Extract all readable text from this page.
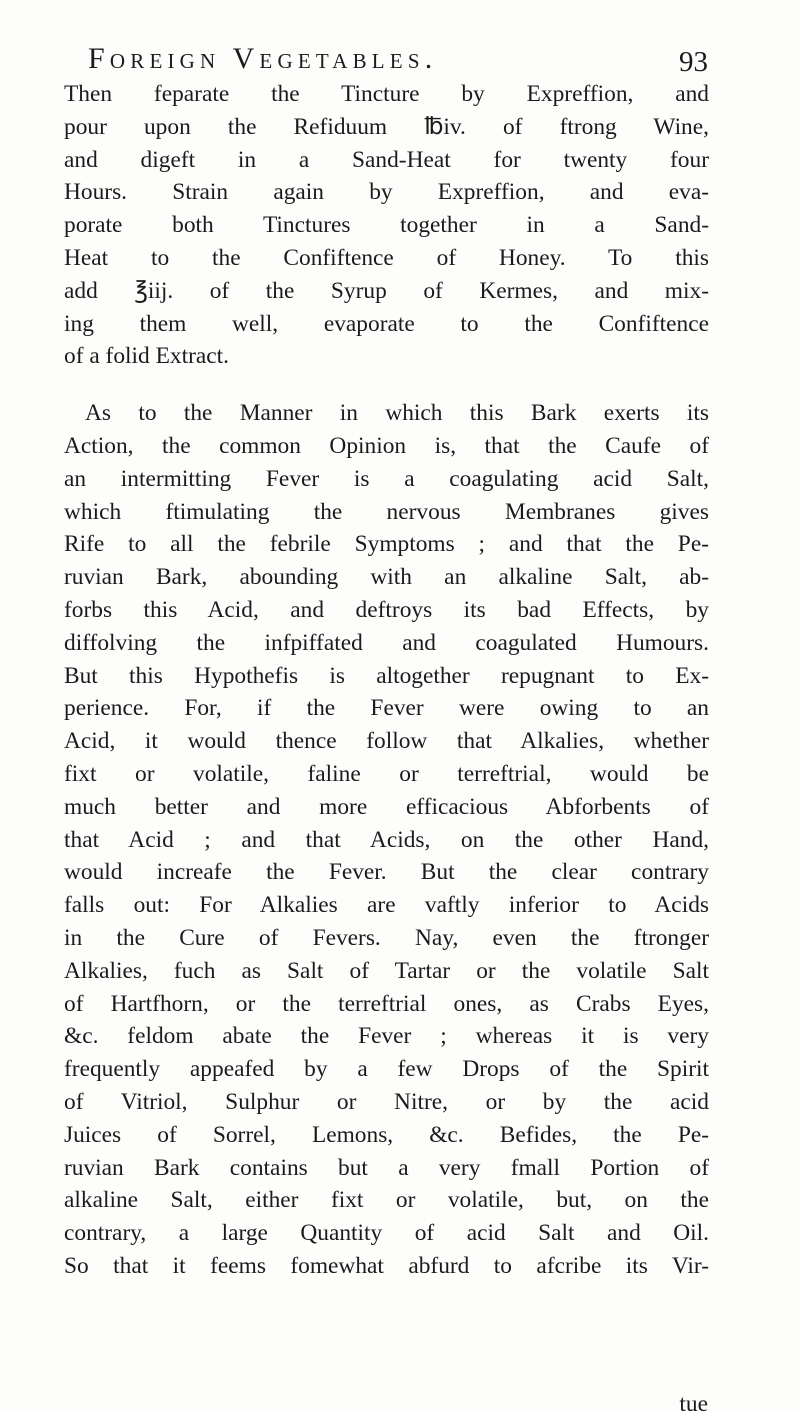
Foreign Vegetables.	93
Then feparate the Tincture by Expreffion, and
pour upon the Refiduum ℔iv. of ftrong Wine,
and digeft in a Sand-Heat for twenty four
Hours. Strain again by Expreffion, and eva-
porate both Tinctures together in a Sand-
Heat to the Confiftence of Honey. To this
add ℥iij. of the Syrup of Kermes, and mix-
ing them well, evaporate to the Confiftence
of a folid Extract.
As to the Manner in which this Bark exerts its
Action, the common Opinion is, that the Caufe of
an intermitting Fever is a coagulating acid Salt,
which ftimulating the nervous Membranes gives
Rife to all the febrile Symptoms ; and that the Pe-
ruvian Bark, abounding with an alkaline Salt, ab-
forbs this Acid, and deftroys its bad Effects, by
diffolving the infpiffated and coagulated Humours.
But this Hypothefis is altogether repugnant to Ex-
perience. For, if the Fever were owing to an
Acid, it would thence follow that Alkalies, whether
fixt or volatile, faline or terreftrial, would be
much better and more efficacious Abforbents of
that Acid ; and that Acids, on the other Hand,
would increafe the Fever. But the clear contrary
falls out: For Alkalies are vaftly inferior to Acids
in the Cure of Fevers. Nay, even the ftronger
Alkalies, fuch as Salt of Tartar or the volatile Salt
of Hartfhorn, or the terreftrial ones, as Crabs Eyes,
&c. feldom abate the Fever ; whereas it is very
frequently appeafed by a few Drops of the Spirit
of Vitriol, Sulphur or Nitre, or by the acid
Juices of Sorrel, Lemons, &c. Befides, the Pe-
ruvian Bark contains but a very fmall Portion of
alkaline Salt, either fixt or volatile, but, on the
contrary, a large Quantity of acid Salt and Oil.
So that it feems fomewhat abfurd to afcribe its Vir-
tue
